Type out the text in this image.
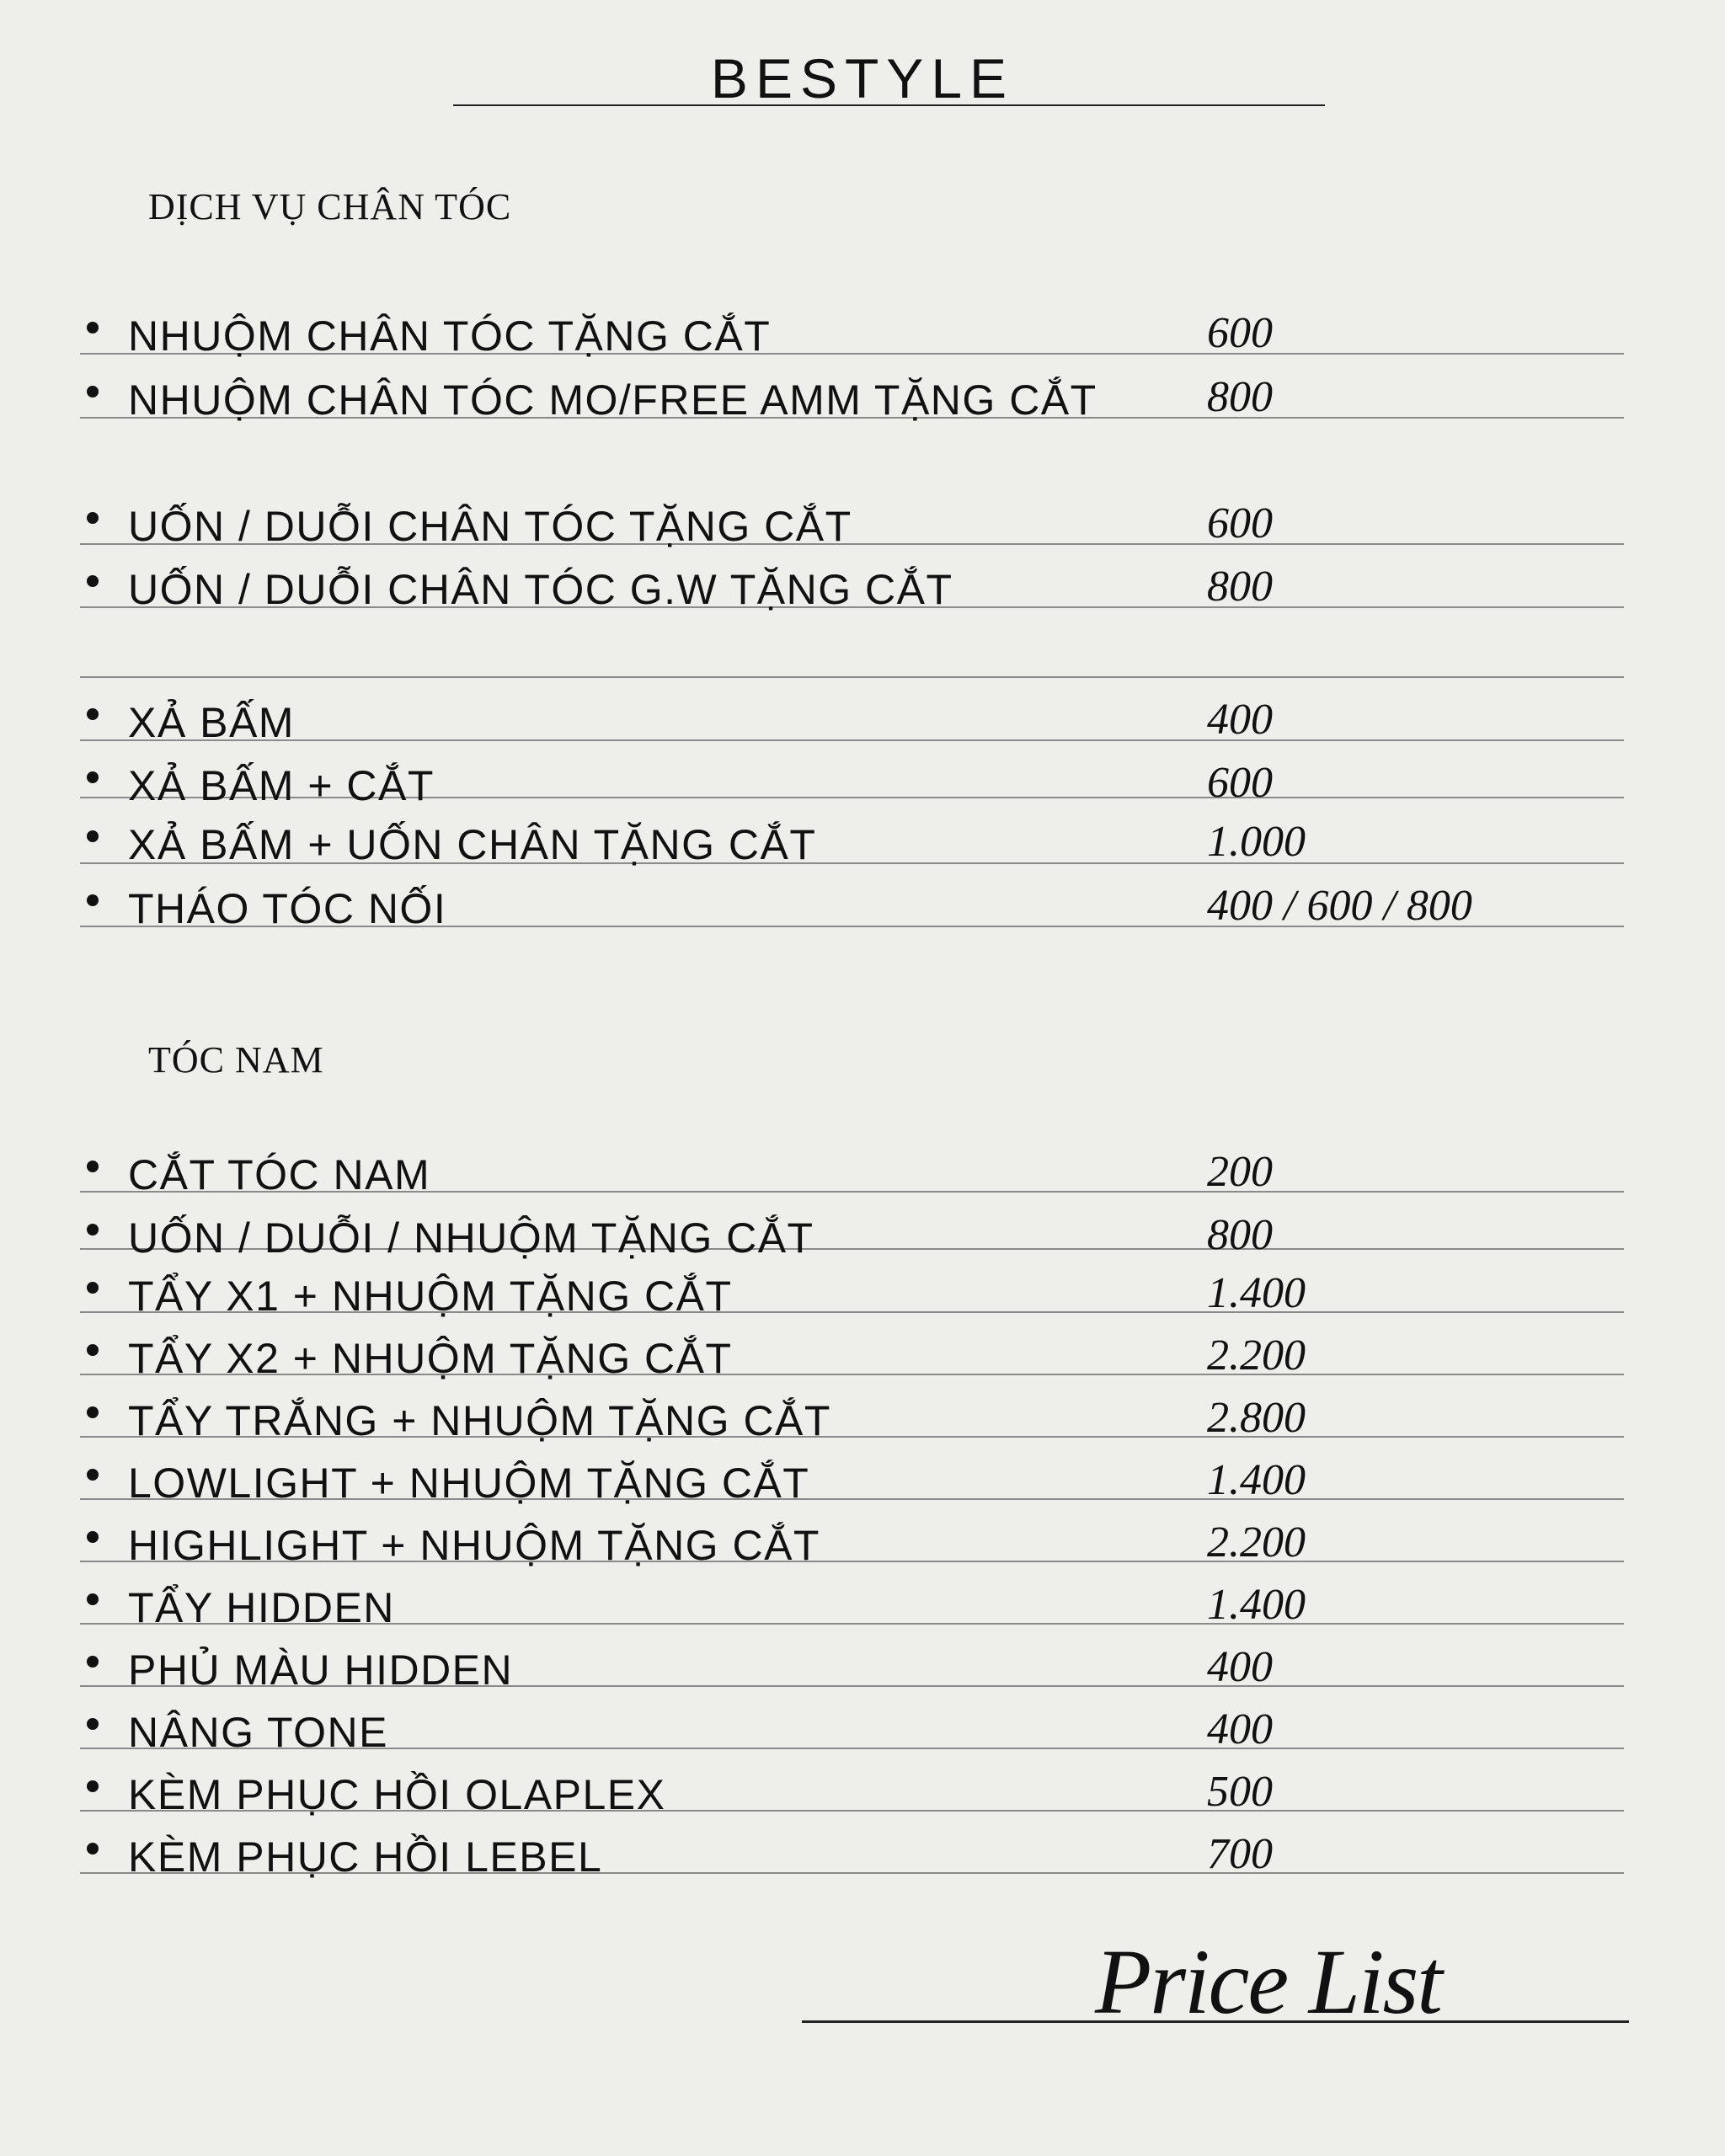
BESTYLE
DỊCH VỤ CHÂN TÓC
NHUỘM CHÂN TÓC TẶNG CẮT	600
NHUỘM CHÂN TÓC MO/FREE AMM TẶNG CẮT	800
UỐN / DUỖI CHÂN TÓC TẶNG CẮT	600
UỐN / DUỖI CHÂN TÓC G.W TẶNG CẮT	800
XẢ BẤM	400
XẢ BẤM + CẮT	600
XẢ BẤM + UỐN CHÂN TẶNG CẮT	1.000
THÁO TÓC NỐI	400 / 600 / 800
TÓC NAM
CẮT TÓC NAM	200
UỐN / DUỖI / NHUỘM TẶNG CẮT	800
TẨY X1 + NHUỘM TẶNG CẮT	1.400
TẨY X2 + NHUỘM TẶNG CẮT	2.200
TẨY TRẮNG + NHUỘM TẶNG CẮT	2.800
LOWLIGHT + NHUỘM TẶNG CẮT	1.400
HIGHLIGHT + NHUỘM TẶNG CẮT	2.200
TẨY HIDDEN	1.400
PHỦ MÀU HIDDEN	400
NÂNG TONE	400
KÈM PHỤC HỒI OLAPLEX	500
KÈM PHỤC HỒI LEBEL	700
Price List
